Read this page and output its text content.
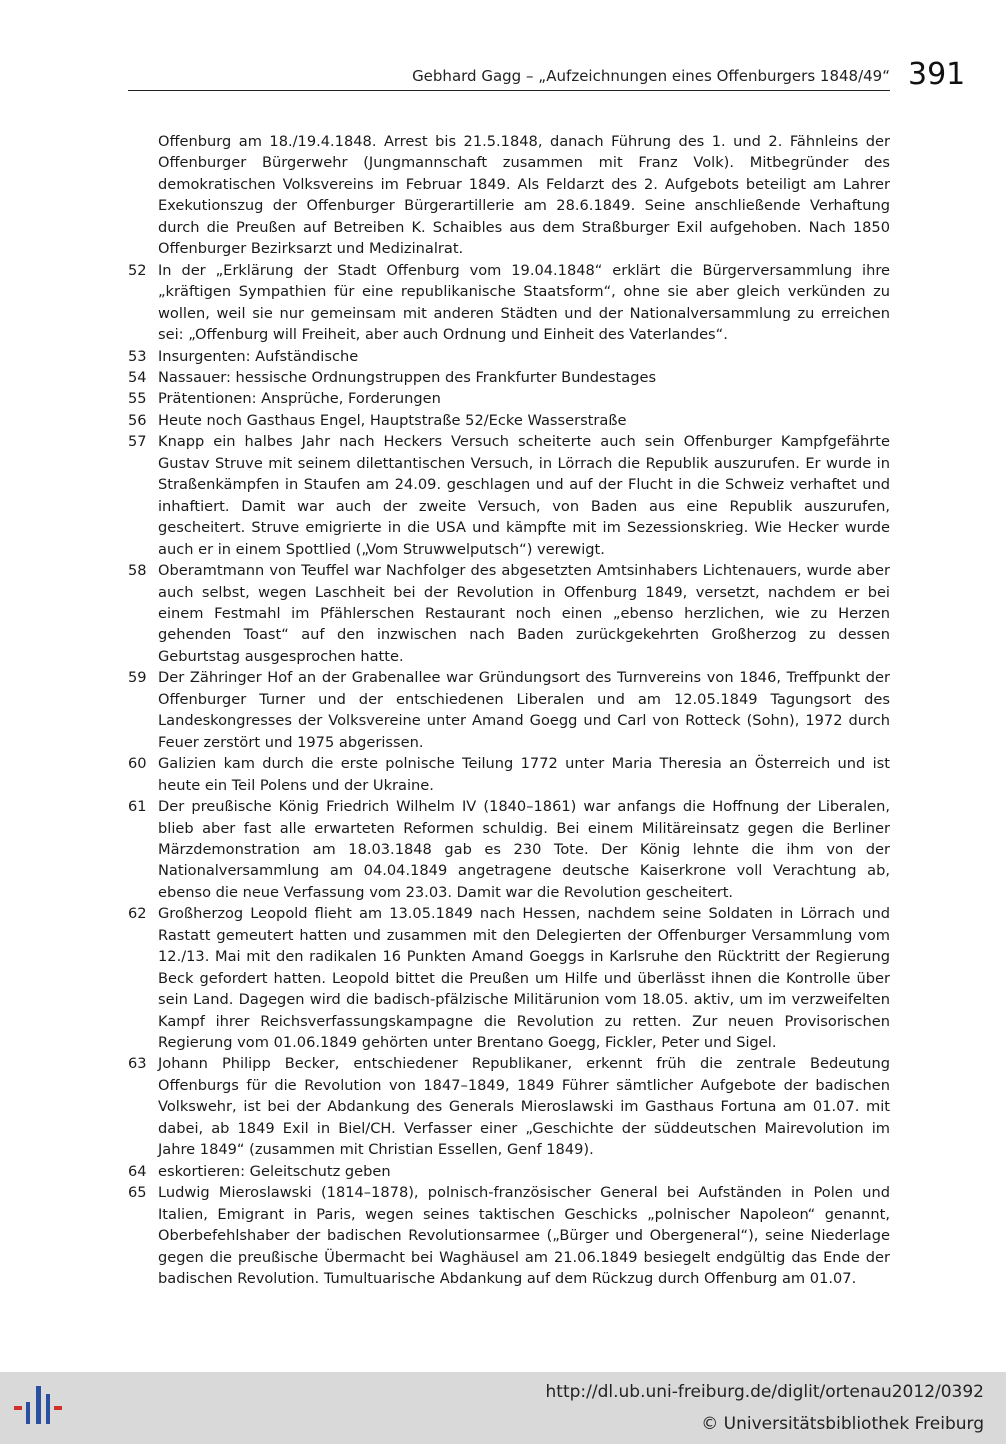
Gebhard Gagg – „Aufzeichnungen eines Offenburgers 1848/49“ 391
Offenburg am 18./19.4.1848. Arrest bis 21.5.1848, danach Führung des 1. und 2. Fähnleins der Offenburger Bürgerwehr (Jungmannschaft zusammen mit Franz Volk). Mitbegründer des demokratischen Volksvereins im Februar 1849. Als Feldarzt des 2. Aufgebots beteiligt am Lahrer Exekutionszug der Offenburger Bürgerartillerie am 28.6.1849. Seine anschließende Verhaftung durch die Preußen auf Betreiben K. Schaibles aus dem Straßburger Exil aufgehoben. Nach 1850 Offenburger Bezirksarzt und Medizinalrat.
52 In der „Erklärung der Stadt Offenburg vom 19.04.1848“ erklärt die Bürgerversammlung ihre „kräftigen Sympathien für eine republikanische Staatsform“, ohne sie aber gleich verkünden zu wollen, weil sie nur gemeinsam mit anderen Städten und der Nationalversammlung zu erreichen sei: „Offenburg will Freiheit, aber auch Ordnung und Einheit des Vaterlandes“.
53 Insurgenten: Aufständische
54 Nassauer: hessische Ordnungstruppen des Frankfurter Bundestages
55 Prätentionen: Ansprüche, Forderungen
56 Heute noch Gasthaus Engel, Hauptstraße 52/Ecke Wasserstraße
57 Knapp ein halbes Jahr nach Heckers Versuch scheiterte auch sein Offenburger Kampfgefährte Gustav Struve mit seinem dilettantischen Versuch, in Lörrach die Republik auszurufen. Er wurde in Straßenkämpfen in Staufen am 24.09. geschlagen und auf der Flucht in die Schweiz verhaftet und inhaftiert. Damit war auch der zweite Versuch, von Baden aus eine Republik auszurufen, gescheitert. Struve emigrierte in die USA und kämpfte mit im Sezessionskrieg. Wie Hecker wurde auch er in einem Spottlied („Vom Struwwelputsch“) verewigt.
58 Oberamtmann von Teuffel war Nachfolger des abgesetzten Amtsinhabers Lichtenauers, wurde aber auch selbst, wegen Laschheit bei der Revolution in Offenburg 1849, versetzt, nachdem er bei einem Festmahl im Pfählerschen Restaurant noch einen „ebenso herzlichen, wie zu Herzen gehenden Toast“ auf den inzwischen nach Baden zurückgekehrten Großherzog zu dessen Geburtstag ausgesprochen hatte.
59 Der Zähringer Hof an der Grabenallee war Gründungsort des Turnvereins von 1846, Treffpunkt der Offenburger Turner und der entschiedenen Liberalen und am 12.05.1849 Tagungsort des Landeskongresses der Volksvereine unter Amand Goegg und Carl von Rotteck (Sohn), 1972 durch Feuer zerstört und 1975 abgerissen.
60 Galizien kam durch die erste polnische Teilung 1772 unter Maria Theresia an Österreich und ist heute ein Teil Polens und der Ukraine.
61 Der preußische König Friedrich Wilhelm IV (1840–1861) war anfangs die Hoffnung der Liberalen, blieb aber fast alle erwarteten Reformen schuldig. Bei einem Militäreinsatz gegen die Berliner Märzdemonstration am 18.03.1848 gab es 230 Tote. Der König lehnte die ihm von der Nationalversammlung am 04.04.1849 angetragene deutsche Kaiserkrone voll Verachtung ab, ebenso die neue Verfassung vom 23.03. Damit war die Revolution gescheitert.
62 Großherzog Leopold flieht am 13.05.1849 nach Hessen, nachdem seine Soldaten in Lörrach und Rastatt gemeutert hatten und zusammen mit den Delegierten der Offenburger Versammlung vom 12./13. Mai mit den radikalen 16 Punkten Amand Goeggs in Karlsruhe den Rücktritt der Regierung Beck gefordert hatten. Leopold bittet die Preußen um Hilfe und überlässt ihnen die Kontrolle über sein Land. Dagegen wird die badisch-pfälzische Militärunion vom 18.05. aktiv, um im verzweifelten Kampf ihrer Reichsverfassungskampagne die Revolution zu retten. Zur neuen Provisorischen Regierung vom 01.06.1849 gehörten unter Brentano Goegg, Fickler, Peter und Sigel.
63 Johann Philipp Becker, entschiedener Republikaner, erkennt früh die zentrale Bedeutung Offenburgs für die Revolution von 1847–1849, 1849 Führer sämtlicher Aufgebote der badischen Volkswehr, ist bei der Abdankung des Generals Mieroslawski im Gasthaus Fortuna am 01.07. mit dabei, ab 1849 Exil in Biel/CH. Verfasser einer „Geschichte der süddeutschen Mairevolution im Jahre 1849“ (zusammen mit Christian Essellen, Genf 1849).
64 eskortieren: Geleitschutz geben
65 Ludwig Mieroslawski (1814–1878), polnisch-französischer General bei Aufständen in Polen und Italien, Emigrant in Paris, wegen seines taktischen Geschicks „polnischer Napoleon“ genannt, Oberbefehlshaber der badischen Revolutionsarmee („Bürger und Obergeneral“), seine Niederlage gegen die preußische Übermacht bei Waghäusel am 21.06.1849 besiegelt endgültig das Ende der badischen Revolution. Tumultuarische Abdankung auf dem Rückzug durch Offenburg am 01.07.
http://dl.ub.uni-freiburg.de/diglit/ortenau2012/0392
© Universitätsbibliothek Freiburg
